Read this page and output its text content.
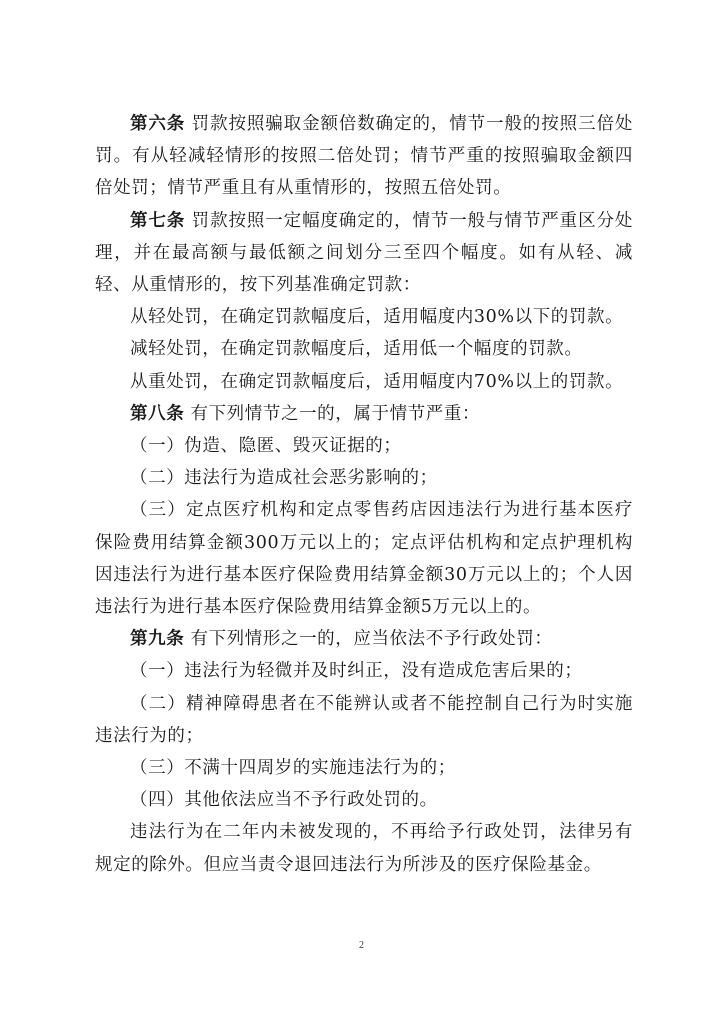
第六条 罚款按照骗取金额倍数确定的，情节一般的按照三倍处罚。有从轻减轻情形的按照二倍处罚；情节严重的按照骗取金额四倍处罚；情节严重且有从重情形的，按照五倍处罚。

第七条 罚款按照一定幅度确定的，情节一般与情节严重区分处理，并在最高额与最低额之间划分三至四个幅度。如有从轻、减轻、从重情形的，按下列基准确定罚款：

从轻处罚，在确定罚款幅度后，适用幅度内30%以下的罚款。

减轻处罚，在确定罚款幅度后，适用低一个幅度的罚款。

从重处罚，在确定罚款幅度后，适用幅度内70%以上的罚款。

第八条 有下列情节之一的，属于情节严重：

（一）伪造、隐匿、毁灭证据的；

（二）违法行为造成社会恶劣影响的；

（三）定点医疗机构和定点零售药店因违法行为进行基本医疗保险费用结算金额300万元以上的；定点评估机构和定点护理机构因违法行为进行基本医疗保险费用结算金额30万元以上的；个人因违法行为进行基本医疗保险费用结算金额5万元以上的。

第九条 有下列情形之一的，应当依法不予行政处罚：

（一）违法行为轻微并及时纠正，没有造成危害后果的；

（二）精神障碍患者在不能辨认或者不能控制自己行为时实施违法行为的；

（三）不满十四周岁的实施违法行为的；

（四）其他依法应当不予行政处罚的。

违法行为在二年内未被发现的，不再给予行政处罚，法律另有规定的除外。但应当责令退回违法行为所涉及的医疗保险基金。

2
